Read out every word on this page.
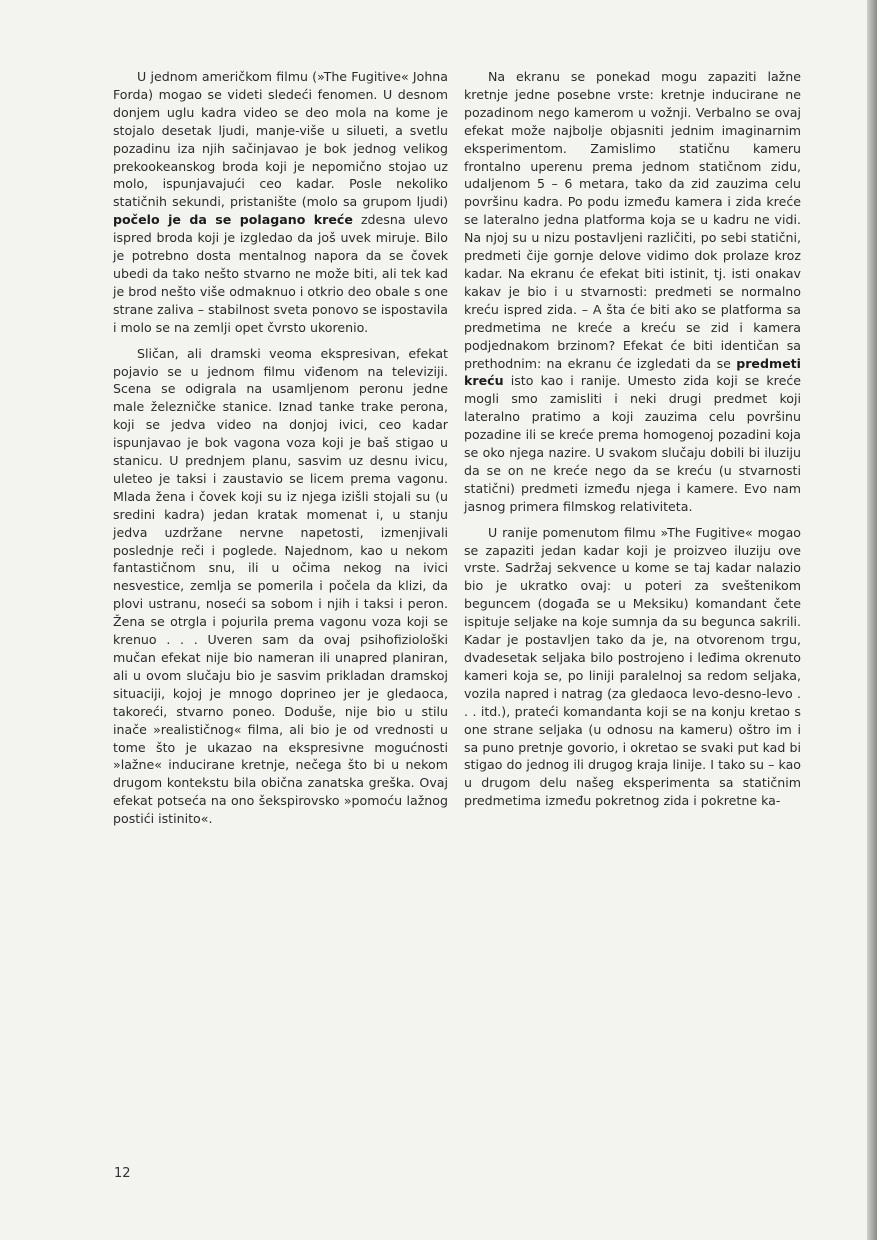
U jednom američkom filmu (»The Fugitive« Johna Forda) mogao se videti sledeći fenomen. U desnom donjem uglu kadra video se deo mola na kome je stojalo desetak ljudi, manje-više u silueti, a svetlu pozadinu iza njih sačinjavao je bok jednog velikog prekookeanskog broda koji je nepomično stojao uz molo, ispunjavajući ceo kadar. Posle nekoliko statičnih sekundi, pristanište (molo sa grupom ljudi) počelo je da se polagano kreće zdesna ulevo ispred broda koji je izgledao da još uvek miruje. Bilo je potrebno dosta mentalnog napora da se čovek ubedi da tako nešto stvarno ne može biti, ali tek kad je brod nešto više odmaknuo i otkrio deo obale s one strane zaliva – stabilnost sveta ponovo se ispostavila i molo se na zemlji opet čvrsto ukorenio.

Sličan, ali dramski veoma ekspresivan, efekat pojavio se u jednom filmu viđenom na televiziji. Scena se odigrala na usamljenom peronu jedne male železničke stanice. Iznad tanke trake perona, koji se jedva video na donjoj ivici, ceo kadar ispunjavao je bok vagona voza koji je baš stigao u stanicu. U prednjem planu, sasvim uz desnu ivicu, uleteo je taksi i zaustavio se licem prema vagonu. Mlada žena i čovek koji su iz njega izišli stojali su (u sredini kadra) jedan kratak momenat i, u stanju jedva uzdržane nervne napetosti, izmenjivali poslednje reči i poglede. Najednom, kao u nekom fantastičnom snu, ili u očima nekog na ivici nesvestice, zemlja se pomerila i počela da klizi, da plovi ustranu, noseći sa sobom i njih i taksi i peron. Žena se otrgla i pojurila prema vagonu voza koji se krenuo . . . Uveren sam da ovaj psihofiziološki mučan efekat nije bio nameran ili unapred planiran, ali u ovom slučaju bio je sasvim prikladan dramskoj situaciji, kojoj je mnogo doprineo jer je gledaoca, takoreći, stvarno poneo. Doduše, nije bio u stilu inače »realističnog« filma, ali bio je od vrednosti u tome što je ukazao na ekspresivne mogućnosti »lažne« inducirane kretnje, nečega što bi u nekom drugom kontekstu bila obična zanatska greška. Ovaj efekat potseća na ono šekspirovsko »pomoću lažnog postići istinito«.

Na ekranu se ponekad mogu zapaziti lažne kretnje jedne posebne vrste: kretnje inducirane ne pozadinom nego kamerom u vožnji. Verbalno se ovaj efekat može najbolje objasniti jednim imaginarnim eksperimentom. Zamislimo statičnu kameru frontalno uperenu prema jednom statičnom zidu, udaljenom 5 – 6 metara, tako da zid zauzima celu površinu kadra. Po podu između kamera i zida kreće se lateralno jedna platforma koja se u kadru ne vidi. Na njoj su u nizu postavljeni različiti, po sebi statični, predmeti čije gornje delove vidimo dok prolaze kroz kadar. Na ekranu će efekat biti istinit, tj. isti onakav kakav je bio i u stvarnosti: predmeti se normalno kreću ispred zida. – A šta će biti ako se platforma sa predmetima ne kreće a kreću se zid i kamera podjednakom brzinom? Efekat će biti identičan sa prethodnim: na ekranu će izgledati da se predmeti kreću isto kao i ranije. Umesto zida koji se kreće mogli smo zamisliti i neki drugi predmet koji lateralno pratimo a koji zauzima celu površinu pozadine ili se kreće prema homogenoj pozadini koja se oko njega nazire. U svakom slučaju dobili bi iluziju da se on ne kreće nego da se kreću (u stvarnosti statični) predmeti između njega i kamere. Evo nam jasnog primera filmskog relativiteta.

U ranije pomenutom filmu »The Fugitive« mogao se zapaziti jedan kadar koji je proizveo iluziju ove vrste. Sadržaj sekvence u kome se taj kadar nalazio bio je ukratko ovaj: u poteri za sveštenikom beguncem (događa se u Meksiku) komandant čete ispituje seljake na koje sumnja da su begunca sakrili. Kadar je postavljen tako da je, na otvorenom trgu, dvadesetak seljaka bilo postrojeno i leđima okrenuto kameri koja se, po liniji paralelnoj sa redom seljaka, vozila napred i natrag (za gledaoca levo-desno-levo . . . itd.), prateći komandanta koji se na konju kretao s one strane seljaka (u odnosu na kameru) oštro im i sa puno pretnje govorio, i okretao se svaki put kad bi stigao do jednog ili drugog kraja linije. I tako su – kao u drugom delu našeg eksperimenta sa statičnim predmetima između pokretnog zida i pokretne ka-

12
